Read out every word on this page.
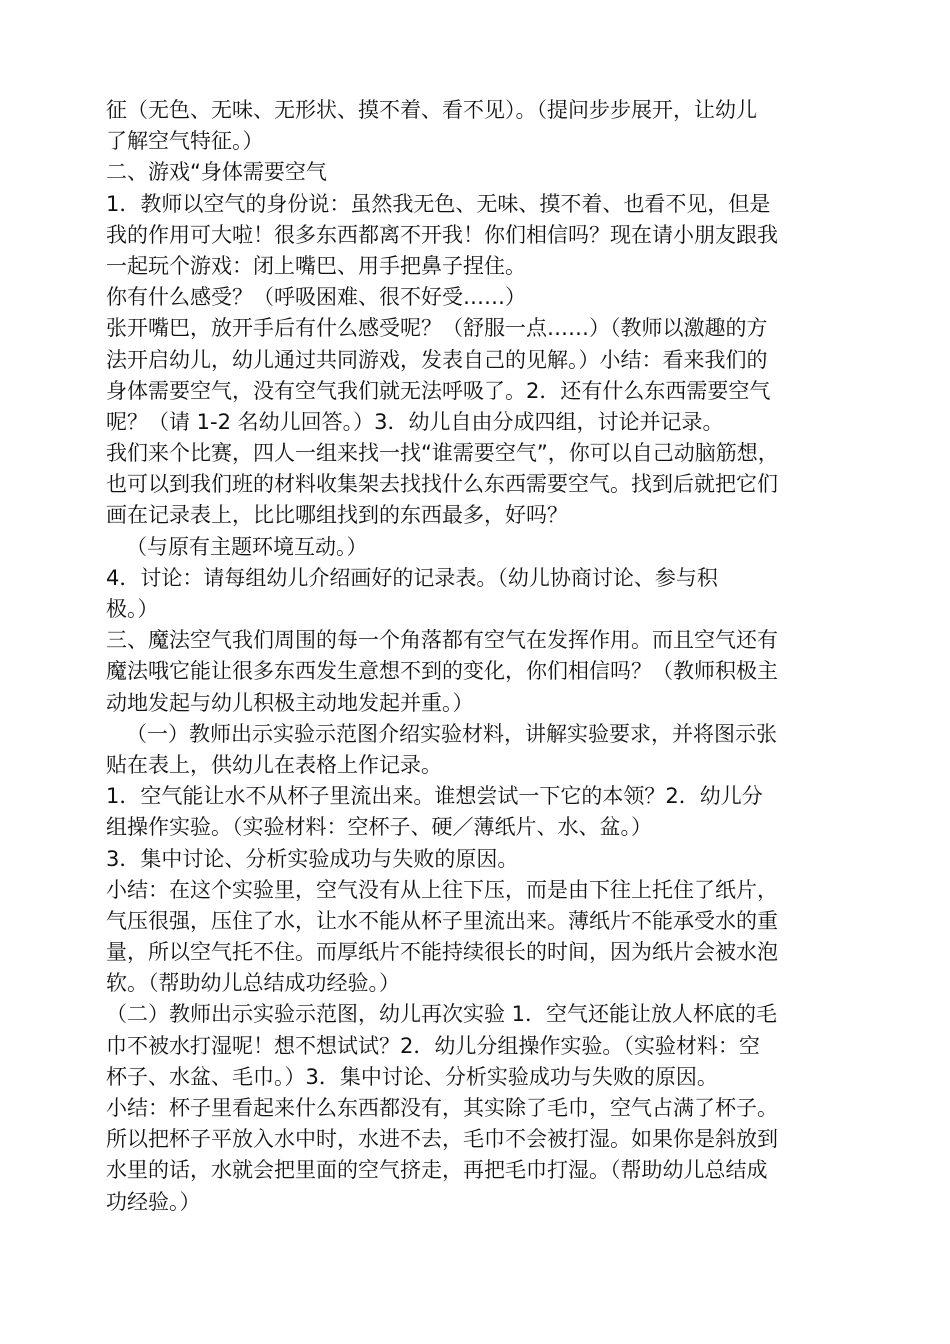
征（无色、无味、无形状、摸不着、看不见）。（提问步步展开，让幼儿
了解空气特征。）
二、游戏“身体需要空气
1．教师以空气的身份说：虽然我无色、无味、摸不着、也看不见，但是
我的作用可大啦！很多东西都离不开我！你们相信吗？现在请小朋友跟我
一起玩个游戏：闭上嘴巴、用手把鼻子捏住。
你有什么感受？（呼吸困难、很不好受……）
张开嘴巴，放开手后有什么感受呢？（舒服一点……）（教师以激趣的方
法开启幼儿，幼儿通过共同游戏，发表自己的见解。）小结：看来我们的
身体需要空气，没有空气我们就无法呼吸了。2．还有什么东西需要空气
呢？（请 1-2 名幼儿回答。）3．幼儿自由分成四组，讨论并记录。
我们来个比赛，四人一组来找一找“谁需要空气”，你可以自己动脑筋想，
也可以到我们班的材料收集架去找找什么东西需要空气。找到后就把它们
画在记录表上，比比哪组找到的东西最多，好吗？
（与原有主题环境互动。）
4．讨论：请每组幼儿介绍画好的记录表。（幼儿协商讨论、参与积
极。）
三、魔法空气我们周围的每一个角落都有空气在发挥作用。而且空气还有
魔法哦它能让很多东西发生意想不到的变化，你们相信吗？（教师积极主
动地发起与幼儿积极主动地发起并重。）
（一）教师出示实验示范图介绍实验材料，讲解实验要求，并将图示张
贴在表上，供幼儿在表格上作记录。
1．空气能让水不从杯子里流出来。谁想尝试一下它的本领？2．幼儿分
组操作实验。（实验材料：空杯子、硬／薄纸片、水、盆。）
3．集中讨论、分析实验成功与失败的原因。
小结：在这个实验里，空气没有从上往下压，而是由下往上托住了纸片，
气压很强，压住了水，让水不能从杯子里流出来。薄纸片不能承受水的重
量，所以空气托不住。而厚纸片不能持续很长的时间，因为纸片会被水泡
软。（帮助幼儿总结成功经验。）
（二）教师出示实验示范图，幼儿再次实验 1．空气还能让放人杯底的毛
巾不被水打湿呢！想不想试试？2．幼儿分组操作实验。（实验材料：空
杯子、水盆、毛巾。）3．集中讨论、分析实验成功与失败的原因。
小结：杯子里看起来什么东西都没有，其实除了毛巾，空气占满了杯子。
所以把杯子平放入水中时，水进不去，毛巾不会被打湿。如果你是斜放到
水里的话，水就会把里面的空气挤走，再把毛巾打湿。（帮助幼儿总结成
功经验。）
